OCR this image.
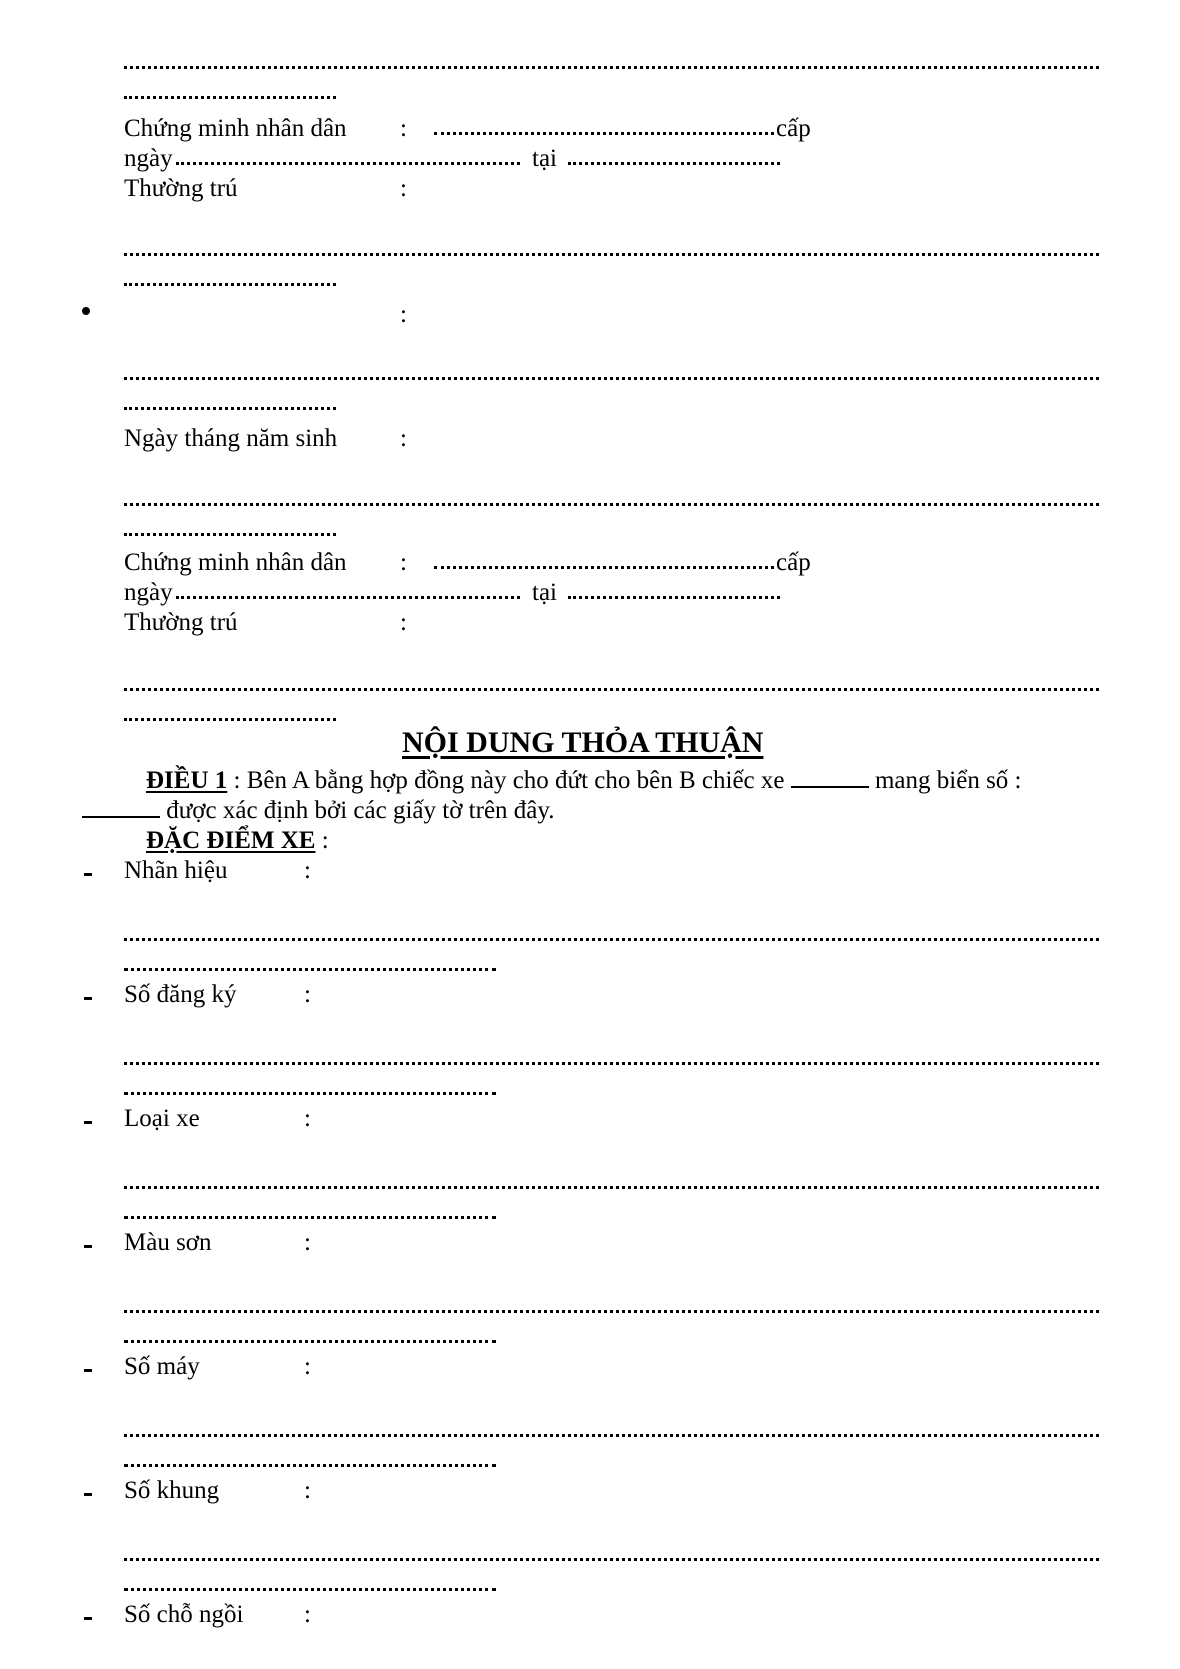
Chứng minh nhân dân :	cấp
ngày	tại
Thường trú	:
:
Ngày tháng năm sinh	:
Chứng minh nhân dân :	cấp
ngày	tại
Thường trú	:
NỘI DUNG THỎA THUẬN
ĐIỀU 1 : Bên A bằng hợp đồng này cho đứt cho bên B chiếc xe	mang biển số :
được xác định bởi các giấy tờ trên đây.
ĐẶC ĐIỂM XE :
Nhãn hiệu	:
Số đăng ký	:
Loại xe	:
Màu sơn	:
Số máy	:
Số khung	:
Số chỗ ngồi :
